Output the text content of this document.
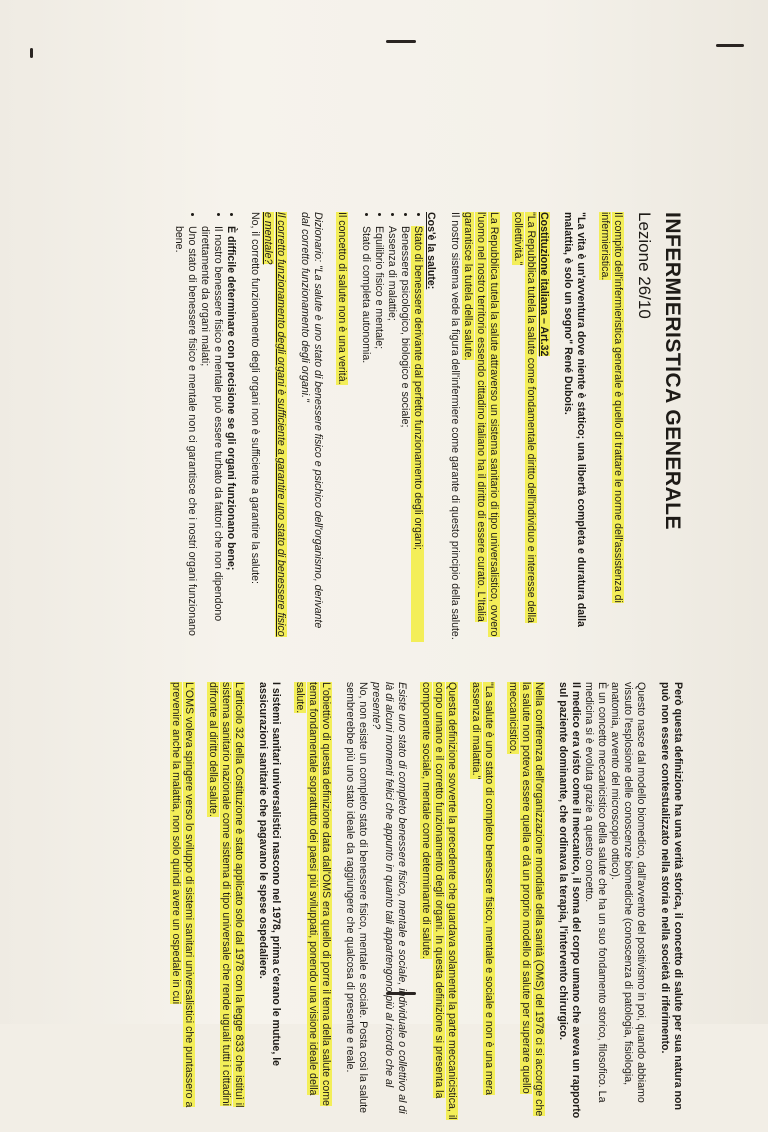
INFERMIERISTICA GENERALE
Lezione 26/10

Il compito dell'infermieristica generale è quello di trattare le norme dell'assistenza di infermieristica.

"La vita è un'avventura dove niente è statico; una libertà completa e duratura dalla malattia, è solo un sogno" René Dubois.

Costituzione italiana – Art.32
"La Repubblica tutela la salute come fondamentale diritto dell'individuo e interesse della collettività."

La Repubblica tutela la salute attraverso un sistema sanitario di tipo universalistico, ovvero l'uomo nel nostro territorio essendo cittadino italiano ha il diritto di essere curato. L'Italia garantisce la tutela della salute.
Il nostro sistema vede la figura dell'infermiere come garante di questo principio della salute.

Cos'è la salute:
• Stato di benessere derivante dal perfetto funzionamento degli organi;
• Benessere psicologico, biologico e sociale;
• Assenza di malattie;
• Equilibrio fisico e mentale;
• Stato di completa autonomia.

Il concetto di salute non è una verità.

Dizionario: "La salute è uno stato di benessere fisico e psichico dell'organismo, derivante dal corretto funzionamento degli organi."

Il corretto funzionamento degli organi è sufficiente a garantire uno stato di benessere fisico e mentale?
No, il corretto funzionamento degli organi non è sufficiente a garantire la salute:

• È difficile determinare con precisione se gli organi funzionano bene;
• Il nostro benessere fisico e mentale può essere turbato da fattori che non dipendono direttamente da organi malati;
• Uno stato di benessere fisico e mentale non ci garantisce che i nostri organi funzionano bene.

Però questa definizione ha una verità storica, il concetto di salute per sua natura non può non essere contestualizzato nella storia e nella società di riferimento.

Questo nasce dal modello biomedico, dall'avvento del positivismo in poi, quando abbiamo vissuto l'esplosione delle conoscenze biomediche (conoscenza di patologia, fisiologia, anatomia, avvento del microscopio ottico).

È un concetto meccanicistico della salute che ha un suo fondamento storico, filosofico. La medicina si è evoluta grazie a questo concetto.

Il medico era visto come il meccanico, il soma del corpo umano che aveva un rapporto sul paziente dominante, che ordinava la terapia, l'intervento chirurgico.

Nella conferenza dell'organizzazione mondiale della sanità (OMS) del 1978 ci si accorge che la salute non poteva essere quella e dà un proprio modello di salute per superare quello meccanicistico.

"La salute è uno stato di completo benessere fisico, mentale e sociale e non è una mera assenza di malattia."

Questa definizione sovverte la precedente che guardava solamente la parte meccanicistica, il corpo umano e il corretto funzionamento degli organi. In questa definizione si presenta la componente sociale, mentale come determinante di salute.

Esiste uno stato di completo benessere fisico, mentale e sociale, individuale o collettivo al di là di alcuni momenti felici che appunto in quanto tali appartengono più al ricordo che al presente?

No, non esiste un completo stato di benessere fisico, mentale e sociale. Posta così la salute sembrerebbe più uno stato ideale da raggiungere che qualcosa di presente e reale.

L'obiettivo di questa definizione data dall'OMS era quello di porre il tema della salute come tema fondamentale soprattutto dei paesi più sviluppati, ponendo una visione ideale della salute.

I sistemi sanitari universalistici nascono nel 1978, prima c'erano le mutue, le assicurazioni sanitarie che pagavano le spese ospedaliere.

L'articolo 32 della Costituzione è stato applicato solo dal 1978 con la legge 833 che istituì il sistema sanitario nazionale come sistema di tipo universale che rende uguali tutti i cittadini difronte al diritto della salute.

L'OMS voleva spingere verso lo sviluppo di sistemi sanitari universalistici che puntassero a prevenire anche la malattia, non solo quindi avere un ospedale in cui
